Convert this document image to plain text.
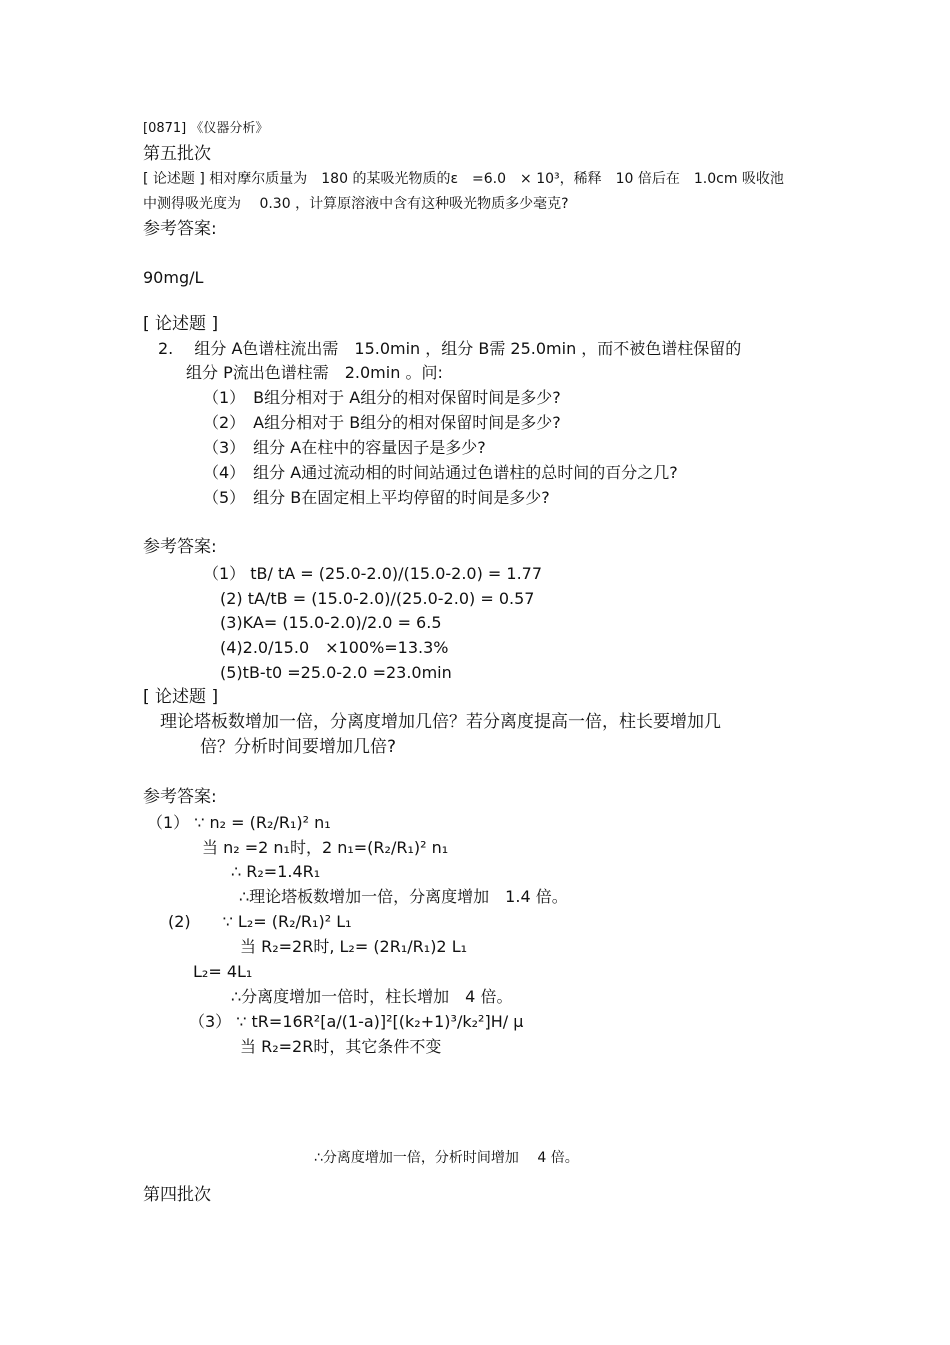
[0871] 《仪器分析》
第五批次
[ 论述题 ] 相对摩尔质量为　180 的某吸光物质的ε　=6.0　× 10³，稀释　10 倍后在　1.0cm 吸收池
中测得吸光度为　 0.30 ，计算原溶液中含有这种吸光物质多少毫克?
参考答案:
90mg/L
[ 论述题 ]
2.　 组分 A色谱柱流出需　15.0min ，组分 B需 25.0min ，而不被色谱柱保留的
组分 P流出色谱柱需　2.0min 。问:
（1）　B组分相对于 A组分的相对保留时间是多少?
（2）　A组分相对于 B组分的相对保留时间是多少?
（3）　组分 A在柱中的容量因子是多少?
（4）　组分 A通过流动相的时间站通过色谱柱的总时间的百分之几?
（5）　组分 B在固定相上平均停留的时间是多少?
参考答案:
（1） tB/ tA = (25.0-2.0)/(15.0-2.0) = 1.77
(2) tA/tB = (15.0-2.0)/(25.0-2.0) = 0.57
(3)KA= (15.0-2.0)/2.0 = 6.5
(4)2.0/15.0　×100%=13.3%
(5)tB-t0 =25.0-2.0 =23.0min
[ 论述题 ]
理论塔板数增加一倍，分离度增加几倍？若分离度提高一倍，柱长要增加几
倍？分析时间要增加几倍?
参考答案:
（1） ∵ n₂ = (R₂/R₁)² n₁
当 n₂ =2 n₁时，2 n₁=(R₂/R₁)² n₁
∴ R₂=1.4R₁
∴理论塔板数增加一倍，分离度增加　1.4 倍。
(2)　　∵ L₂= (R₂/R₁)² L₁
当 R₂=2R时, L₂= (2R₁/R₁)2 L₁
L₂= 4L₁
∴分离度增加一倍时，柱长增加　4 倍。
（3） ∵ tR=16R²[a/(1-a)]²[(k₂+1)³/k₂²]H/ μ
当 R₂=2R时，其它条件不变
∴分离度增加一倍，分析时间增加　 4 倍。
第四批次
